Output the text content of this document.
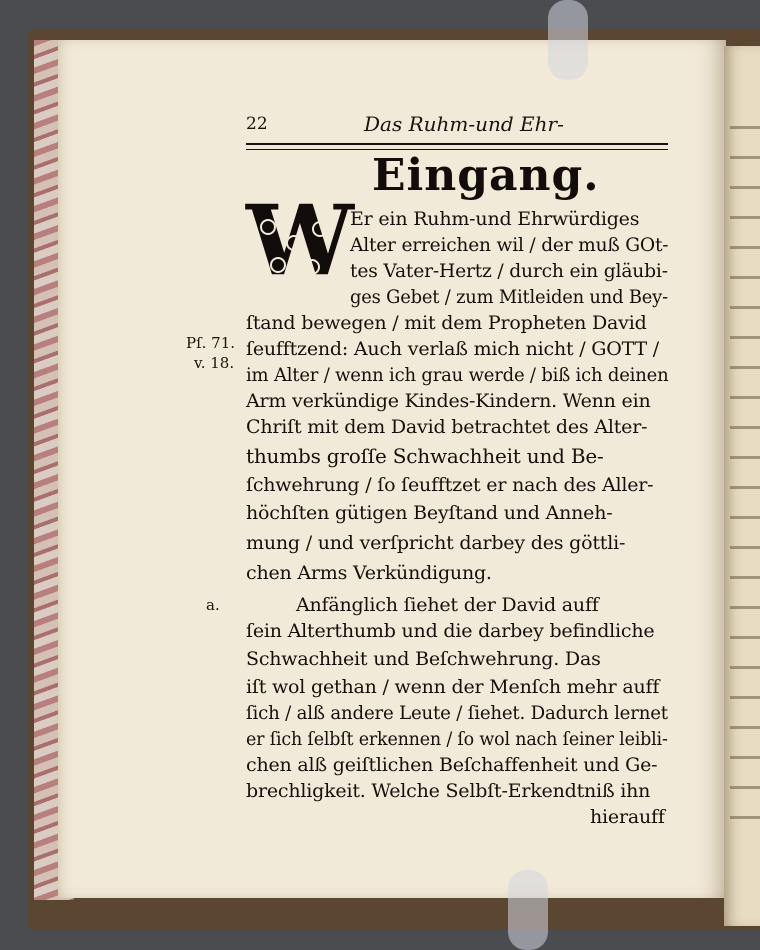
22	Das Ruhm-und Ehr-
Eingang.
W
Pſ. 71.
v. 18.
a.
Er ein Ruhm-und Ehrwürdiges
Alter erreichen wil / der muß GOt-
tes Vater-Hertz / durch ein gläubi-
ges Gebet / zum Mitleiden und Bey-
ſtand bewegen / mit dem Propheten David
ſeufftzend: Auch verlaß mich nicht / GOTT /
im Alter / wenn ich grau werde / biß ich deinen
Arm verkündige Kindes-Kindern. Wenn ein
Chriſt mit dem David betrachtet des Alter-
thumbs groſſe Schwachheit und Be-
ſchwehrung / ſo ſeufftzet er nach des Aller-
höchſten gütigen Beyſtand und Anneh-
mung / und verſpricht darbey des göttli-
chen Arms Verkündigung.
Anfänglich ſiehet der David auff
ſein Alterthumb und die darbey befindliche
Schwachheit und Beſchwehrung. Das
iſt wol gethan / wenn der Menſch mehr auff
ſich / alß andere Leute / ſiehet. Dadurch lernet
er ſich ſelbſt erkennen / ſo wol nach ſeiner leibli-
chen alß geiſtlichen Beſchaffenheit und Ge-
brechligkeit. Welche Selbſt-Erkendtniß ihn
hierauff
